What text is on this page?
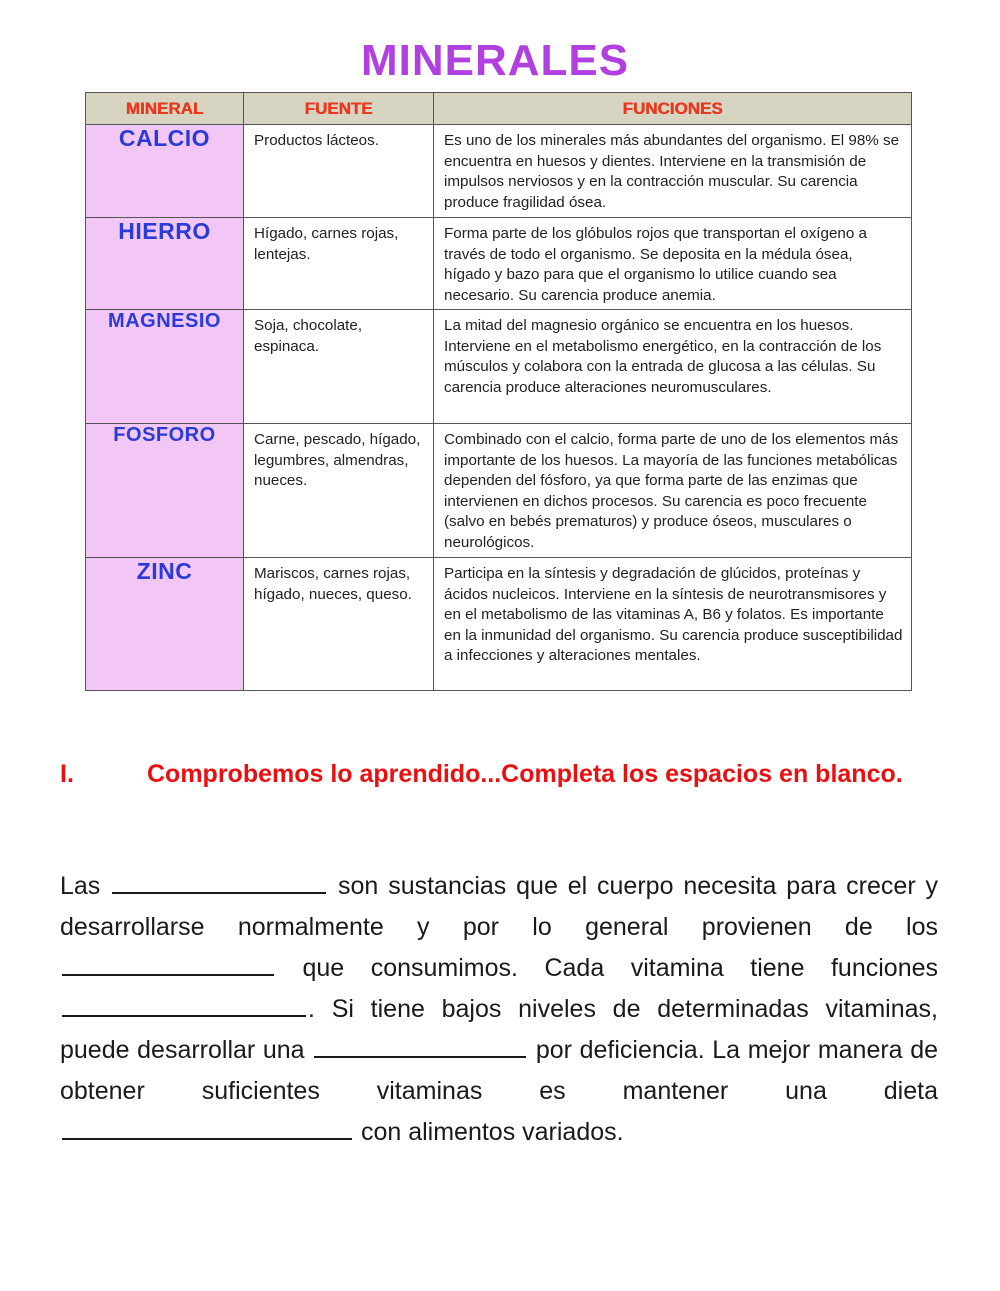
MINERALES
MINERAL	FUENTE	FUNCIONES
CALCIO	Productos lácteos.	Es uno de los minerales más abundantes del organismo. El 98% se encuentra en huesos y dientes. Interviene en la transmisión de impulsos nerviosos y en la contracción muscular. Su carencia produce fragilidad ósea.
HIERRO	Hígado, carnes rojas, lentejas.	Forma parte de los glóbulos rojos que transportan el oxígeno a través de todo el organismo. Se deposita en la médula ósea, hígado y bazo para que el organismo lo utilice cuando sea necesario. Su carencia produce anemia.
MAGNESIO	Soja, chocolate, espinaca.	La mitad del magnesio orgánico se encuentra en los huesos. Interviene en el metabolismo energético, en la contracción de los músculos y colabora con la entrada de glucosa a las células. Su carencia produce alteraciones neuromusculares.
FOSFORO	Carne, pescado, hígado, legumbres, almendras, nueces.	Combinado con el calcio, forma parte de uno de los elementos más importante de los huesos. La mayoría de las funciones metabólicas dependen del fósforo, ya que forma parte de las enzimas que intervienen en dichos procesos. Su carencia es poco frecuente (salvo en bebés prematuros) y produce óseos, musculares o neurológicos.
ZINC	Mariscos, carnes rojas, hígado, nueces, queso.	Participa en la síntesis y degradación de glúcidos, proteínas y ácidos nucleicos. Interviene en la síntesis de neurotransmisores y en el metabolismo de las vitaminas A, B6 y folatos. Es importante en la inmunidad del organismo. Su carencia produce susceptibilidad a infecciones y alteraciones mentales.
I.	Comprobemos lo aprendido...Completa los espacios en blanco.
Las	son sustancias que el cuerpo necesita para crecer y desarrollarse normalmente y por lo general provienen de los  que consumimos. Cada vitamina tiene funciones . Si tiene bajos niveles de determinadas vitaminas, puede desarrollar una	por deficiencia. La mejor manera de obtener suficientes vitaminas es mantener una dieta  con alimentos variados.
